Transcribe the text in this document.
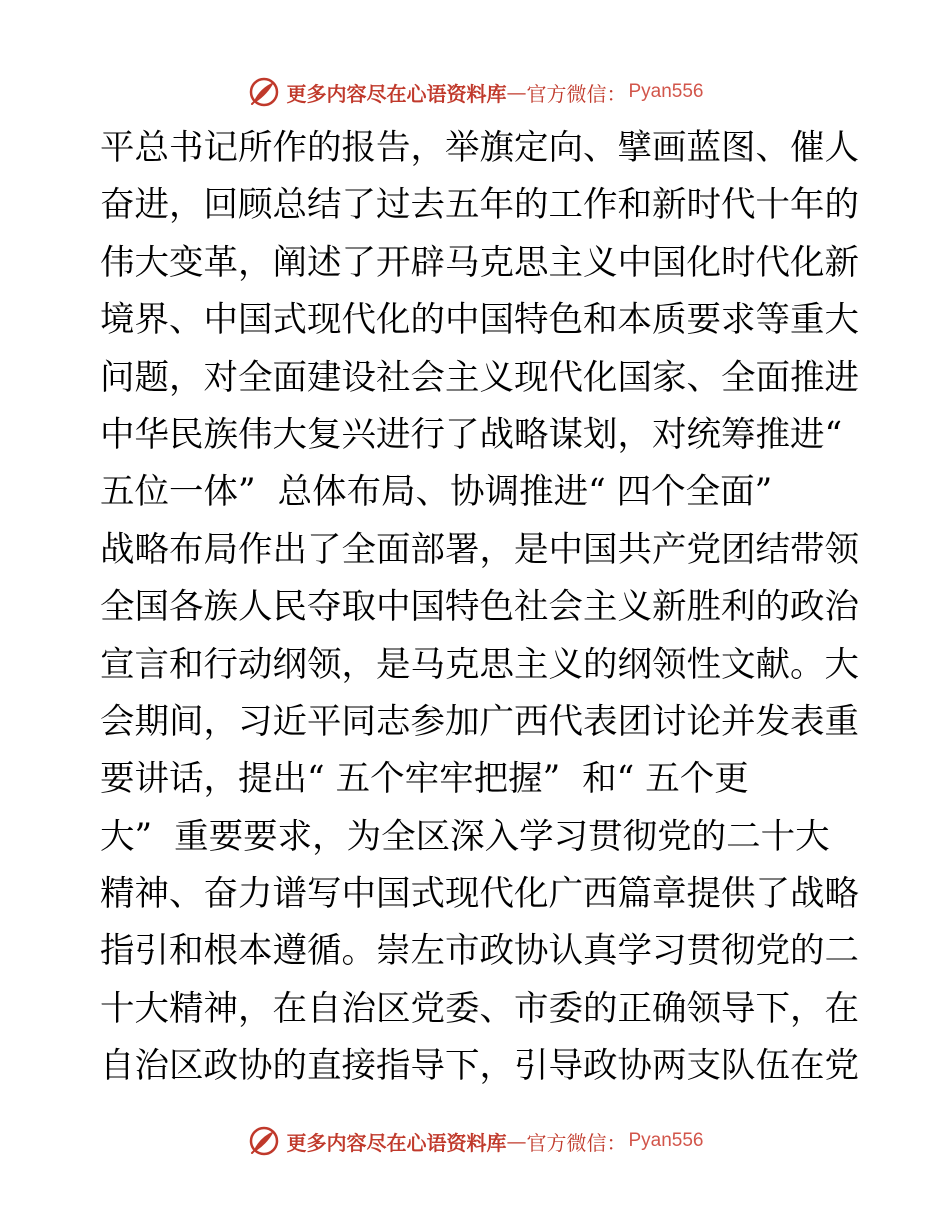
更多内容尽在心语资料库 — 官方微信： Pyan556
平总书记所作的报告，举旗定向、擘画蓝图、催人
奋进，回顾总结了过去五年的工作和新时代十年的
伟大变革，阐述了开辟马克思主义中国化时代化新
境界、中国式现代化的中国特色和本质要求等重大
问题，对全面建设社会主义现代化国家、全面推进
中华民族伟大复兴进行了战略谋划，对统筹推进“
五位一体”  总体布局、协调推进“ 四个全面”
战略布局作出了全面部署，是中国共产党团结带领
全国各族人民夺取中国特色社会主义新胜利的政治
宣言和行动纲领，是马克思主义的纲领性文献。大
会期间，习近平同志参加广西代表团讨论并发表重
要讲话，提出“ 五个牢牢把握”  和“ 五个更
大”  重要要求，为全区深入学习贯彻党的二十大
精神、奋力谱写中国式现代化广西篇章提供了战略
指引和根本遵循。崇左市政协认真学习贯彻党的二
十大精神，在自治区党委、市委的正确领导下，在
自治区政协的直接指导下，引导政协两支队伍在党
更多内容尽在心语资料库 — 官方微信： Pyan556
